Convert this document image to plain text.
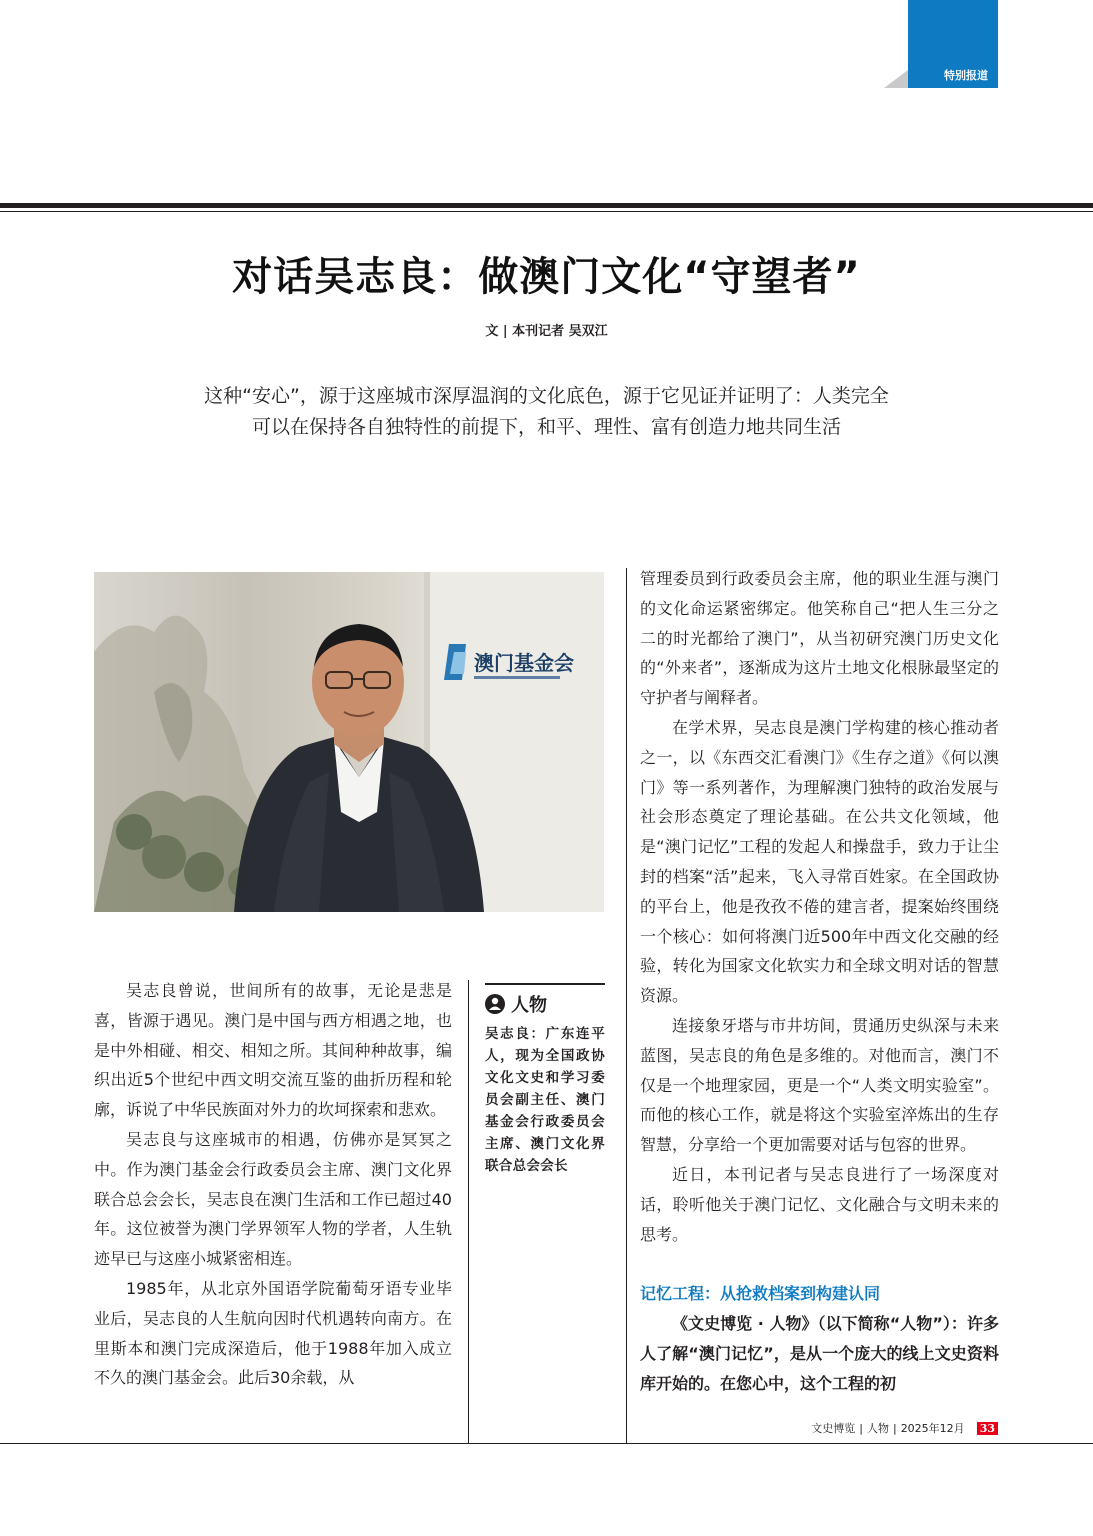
特别报道
对话吴志良：做澳门文化“守望者”
文 | 本刊记者 吴双江
这种“安心”，源于这座城市深厚温润的文化底色，源于它见证并证明了：人类完全
可以在保持各自独特性的前提下，和平、理性、富有创造力地共同生活
澳门基金会

吴志良曾说，世间所有的故事，无论是悲是喜，皆源于遇见。澳门是中国与西方相遇之地，也是中外相碰、相交、相知之所。其间种种故事，编织出近5个世纪中西文明交流互鉴的曲折历程和轮廓，诉说了中华民族面对外力的坎坷探索和悲欢。

吴志良与这座城市的相遇，仿佛亦是冥冥之中。作为澳门基金会行政委员会主席、澳门文化界联合总会会长，吴志良在澳门生活和工作已超过40年。这位被誉为澳门学界领军人物的学者，人生轨迹早已与这座小城紧密相连。

1985年，从北京外国语学院葡萄牙语专业毕业后，吴志良的人生航向因时代机遇转向南方。在里斯本和澳门完成深造后，他于1988年加入成立不久的澳门基金会。此后30余载，从

人物
吴志良：广东连平人，现为全国政协文化文史和学习委员会副主任、澳门基金会行政委员会主席、澳门文化界联合总会会长

管理委员到行政委员会主席，他的职业生涯与澳门的文化命运紧密绑定。他笑称自己“把人生三分之二的时光都给了澳门”，从当初研究澳门历史文化的“外来者”，逐渐成为这片土地文化根脉最坚定的守护者与阐释者。

在学术界，吴志良是澳门学构建的核心推动者之一，以《东西交汇看澳门》《生存之道》《何以澳门》等一系列著作，为理解澳门独特的政治发展与社会形态奠定了理论基础。在公共文化领域，他是“澳门记忆”工程的发起人和操盘手，致力于让尘封的档案“活”起来，飞入寻常百姓家。在全国政协的平台上，他是孜孜不倦的建言者，提案始终围绕一个核心：如何将澳门近500年中西文化交融的经验，转化为国家文化软实力和全球文明对话的智慧资源。

连接象牙塔与市井坊间，贯通历史纵深与未来蓝图，吴志良的角色是多维的。对他而言，澳门不仅是一个地理家园，更是一个“人类文明实验室”。而他的核心工作，就是将这个实验室淬炼出的生存智慧，分享给一个更加需要对话与包容的世界。

近日，本刊记者与吴志良进行了一场深度对话，聆听他关于澳门记忆、文化融合与文明未来的思考。

记忆工程：从抢救档案到构建认同

《文史博览 · 人物》（以下简称“人物”）：许多人了解“澳门记忆”，是从一个庞大的线上文史资料库开始的。在您心中，这个工程的初

文史博览 | 人物 | 2025年12月 33
